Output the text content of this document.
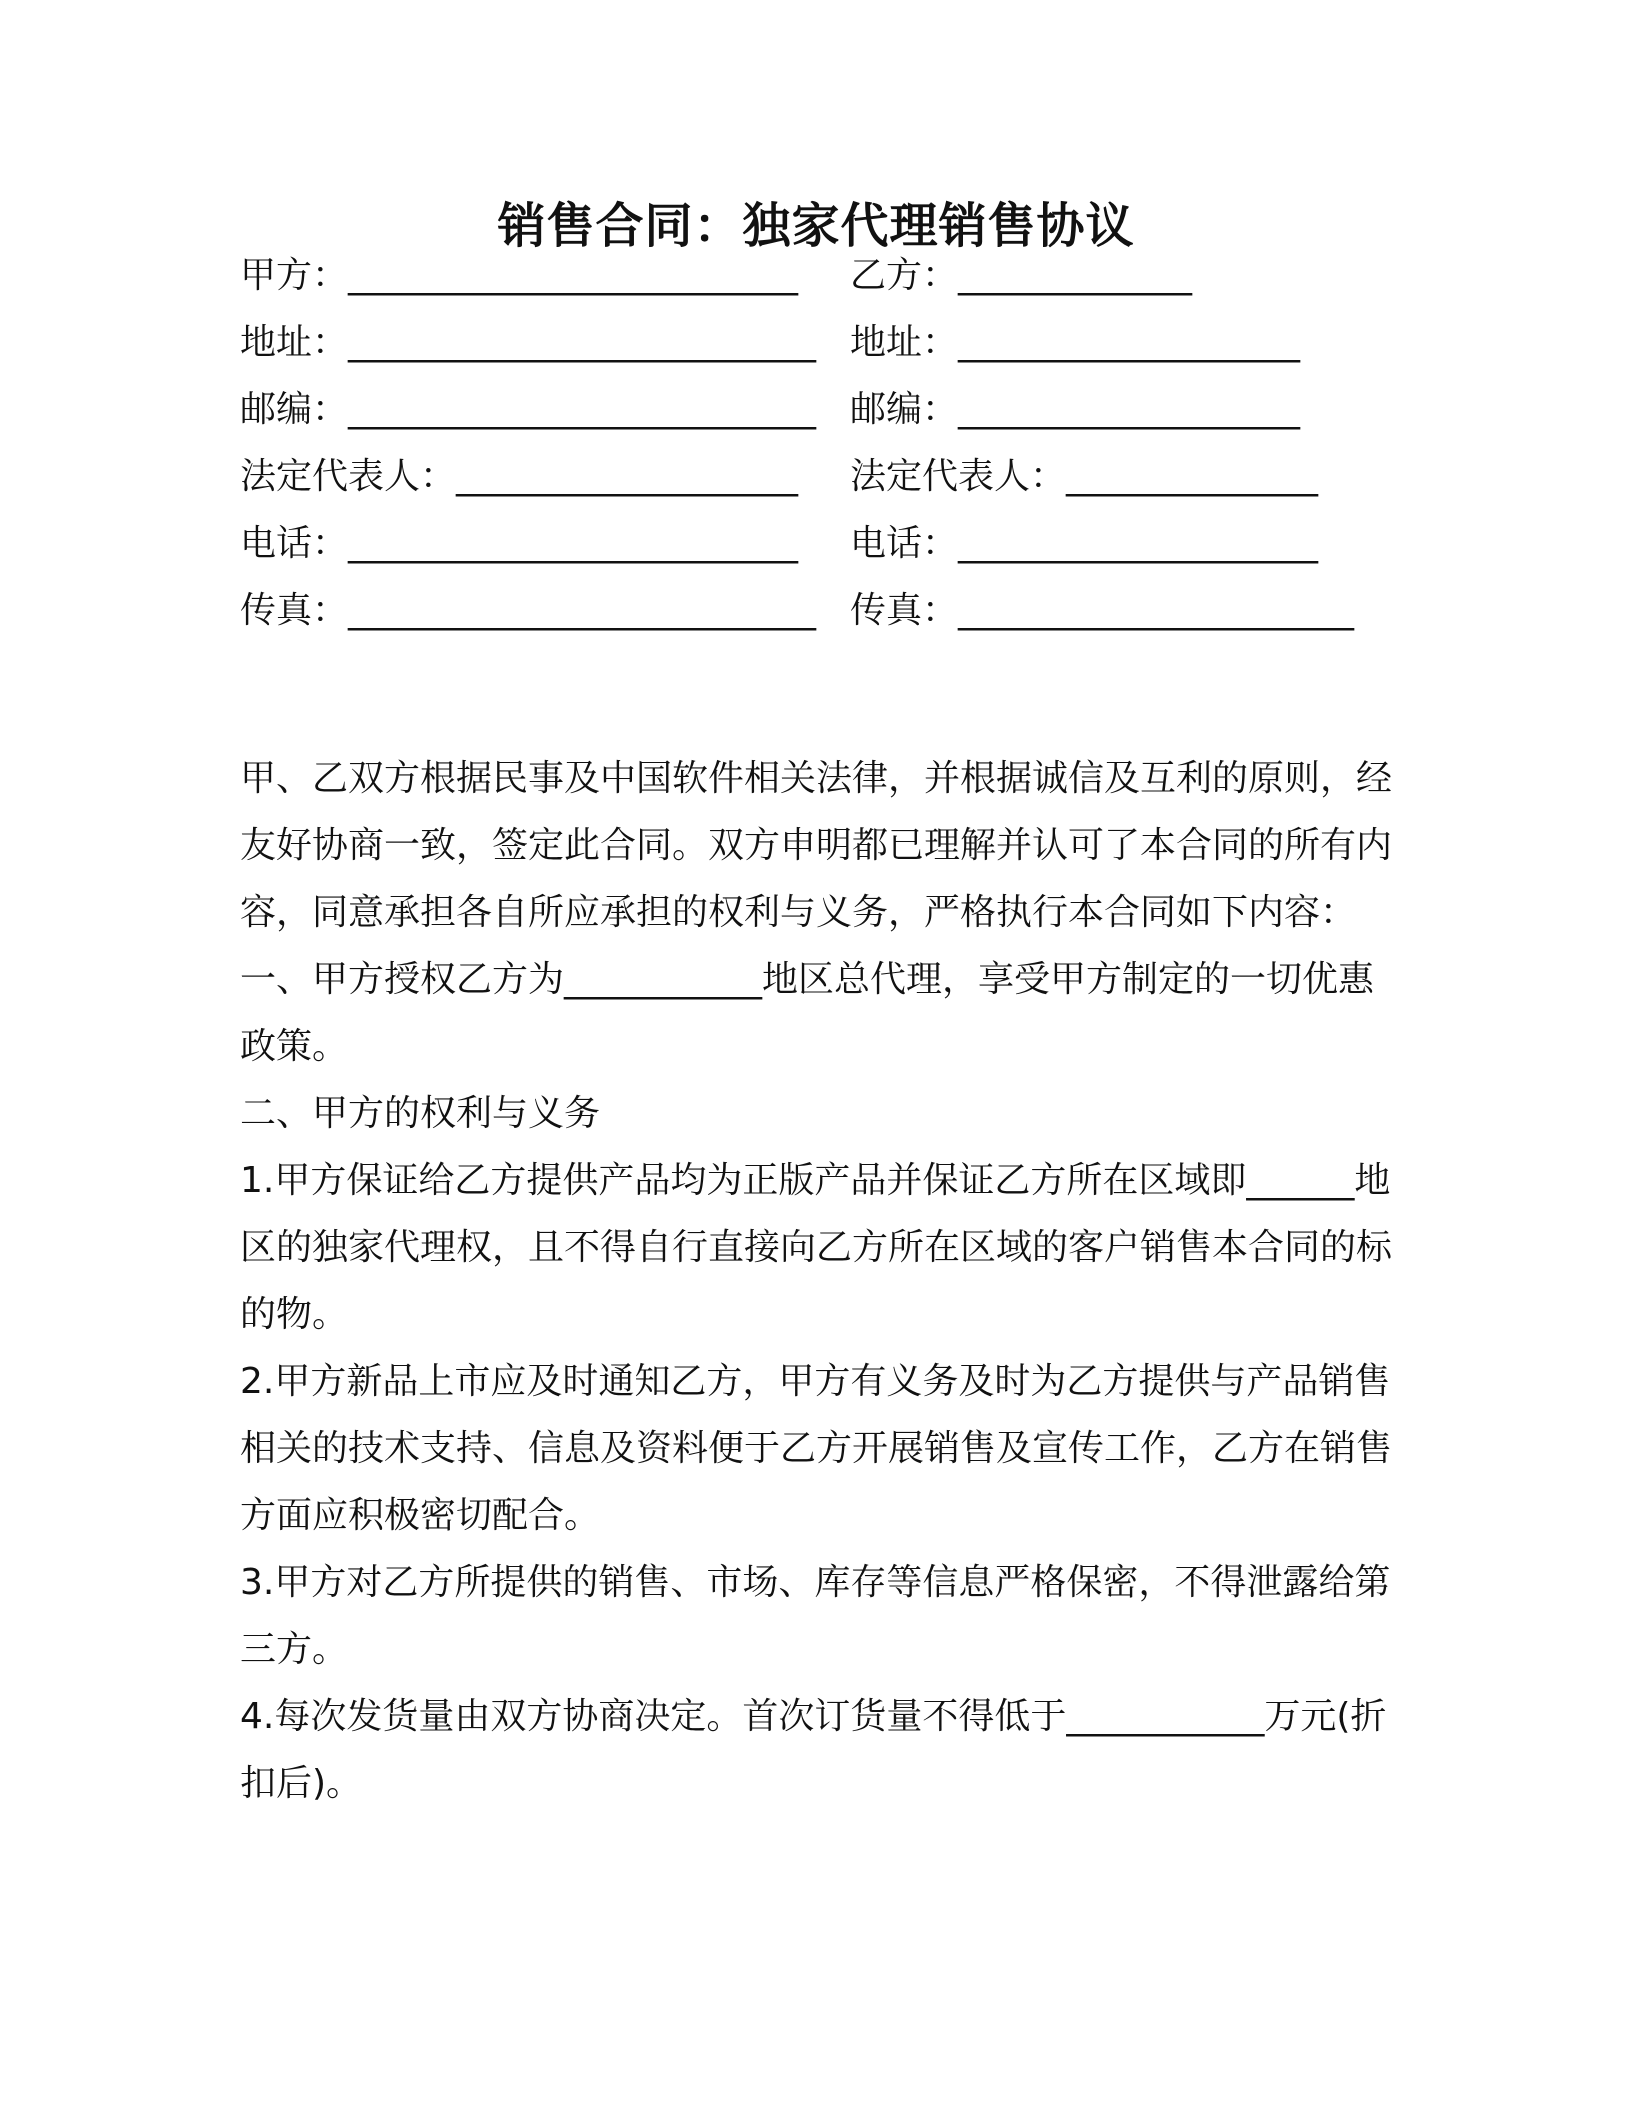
销售合同：独家代理销售协议
甲方：_________________________ 乙方：_____________
地址：__________________________ 地址：___________________
邮编：__________________________ 邮编：___________________
法定代表人：___________________ 法定代表人：______________
电话：_________________________ 电话：____________________
传真：__________________________ 传真：______________________

甲、乙双方根据民事及中国软件相关法律，并根据诚信及互利的原则，经友好协商一致，签定此合同。双方申明都已理解并认可了本合同的所有内容，同意承担各自所应承担的权利与义务，严格执行本合同如下内容：

一、甲方授权乙方为___________地区总代理，享受甲方制定的一切优惠政策。

二、甲方的权利与义务

1.甲方保证给乙方提供产品均为正版产品并保证乙方所在区域即______地区的独家代理权，且不得自行直接向乙方所在区域的客户销售本合同的标的物。

2.甲方新品上市应及时通知乙方，甲方有义务及时为乙方提供与产品销售相关的技术支持、信息及资料便于乙方开展销售及宣传工作，乙方在销售方面应积极密切配合。

3.甲方对乙方所提供的销售、市场、库存等信息严格保密，不得泄露给第三方。

4.每次发货量由双方协商决定。首次订货量不得低于___________万元(折扣后)。
